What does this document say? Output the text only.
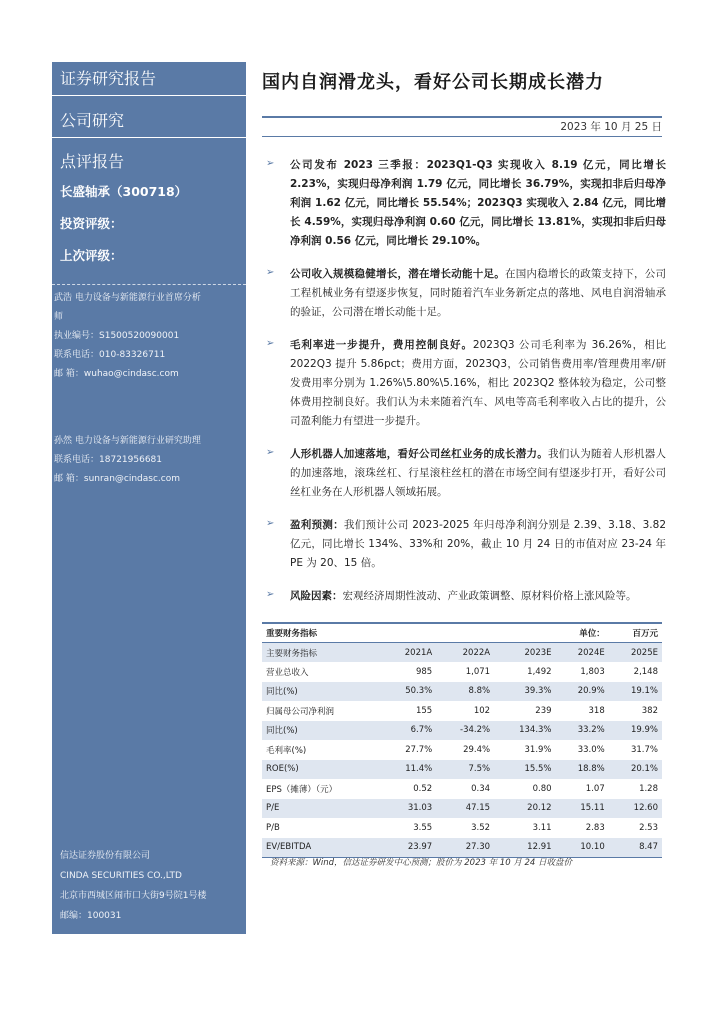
证券研究报告
公司研究
点评报告
长盛轴承（300718）
投资评级：
上次评级：
武浩 电力设备与新能源行业首席分析
师
执业编号： S1500520090001
联系电话： 010-83326711
邮 箱： wuhao@cindasc.com
孙然 电力设备与新能源行业研究助理
联系电话： 18721956681
邮 箱： sunran@cindasc.com
信达证券股份有限公司
CINDA SECURITIES CO.,LTD
北京市西城区闹市口大街9号院1号楼
邮编：100031
国内自润滑龙头，看好公司长期成长潜力
2023 年 10 月 25 日
➢	公司发布 2023 三季报：2023Q1-Q3 实现收入 8.19 亿元，同比增长 2.23%，实现归母净利润 1.79 亿元，同比增长 36.79%，实现扣非后归母净利润 1.62 亿元，同比增长 55.54%；2023Q3 实现收入 2.84 亿元，同比增长 4.59%，实现归母净利润 0.60 亿元，同比增长 13.81%，实现扣非后归母净利润 0.56 亿元，同比增长 29.10%。
➢	公司收入规模稳健增长，潜在增长动能十足。在国内稳增长的政策支持下，公司工程机械业务有望逐步恢复，同时随着汽车业务新定点的落地、风电自润滑轴承的验证，公司潜在增长动能十足。
➢	毛利率进一步提升，费用控制良好。2023Q3 公司毛利率为 36.26%，相比 2022Q3 提升 5.86pct；费用方面，2023Q3，公司销售费用率/管理费用率/研发费用率分别为 1.26%\5.80%\5.16%，相比 2023Q2 整体较为稳定，公司整体费用控制良好。我们认为未来随着汽车、风电等高毛利率收入占比的提升，公司盈利能力有望进一步提升。
➢	人形机器人加速落地，看好公司丝杠业务的成长潜力。我们认为随着人形机器人的加速落地，滚珠丝杠、行星滚柱丝杠的潜在市场空间有望逐步打开，看好公司丝杠业务在人形机器人领域拓展。
➢	盈利预测：我们预计公司 2023-2025 年归母净利润分别是 2.39、3.18、3.82 亿元，同比增长 134%、33%和 20%，截止 10 月 24 日的市值对应 23-24 年 PE 为 20、15 倍。
➢	风险因素：宏观经济周期性波动、产业政策调整、原材料价格上涨风险等。
重要财务指标				单位：	百万元
主要财务指标	2021A	2022A	2023E	2024E	2025E
营业总收入	985	1,071	1,492	1,803	2,148
同比(%)	50.3%	8.8%	39.3%	20.9%	19.1%
归属母公司净利润	155	102	239	318	382
同比(%)	6.7%	-34.2%	134.3%	33.2%	19.9%
毛利率(%)	27.7%	29.4%	31.9%	33.0%	31.7%
ROE(%)	11.4%	7.5%	15.5%	18.8%	20.1%
EPS（摊薄）（元）	0.52	0.34	0.80	1.07	1.28
P/E	31.03	47.15	20.12	15.11	12.60
P/B	3.55	3.52	3.11	2.83	2.53
EV/EBITDA	23.97	27.30	12.91	10.10	8.47
资料来源：Wind，信达证券研发中心预测；股价为 2023 年 10 月 24 日收盘价
